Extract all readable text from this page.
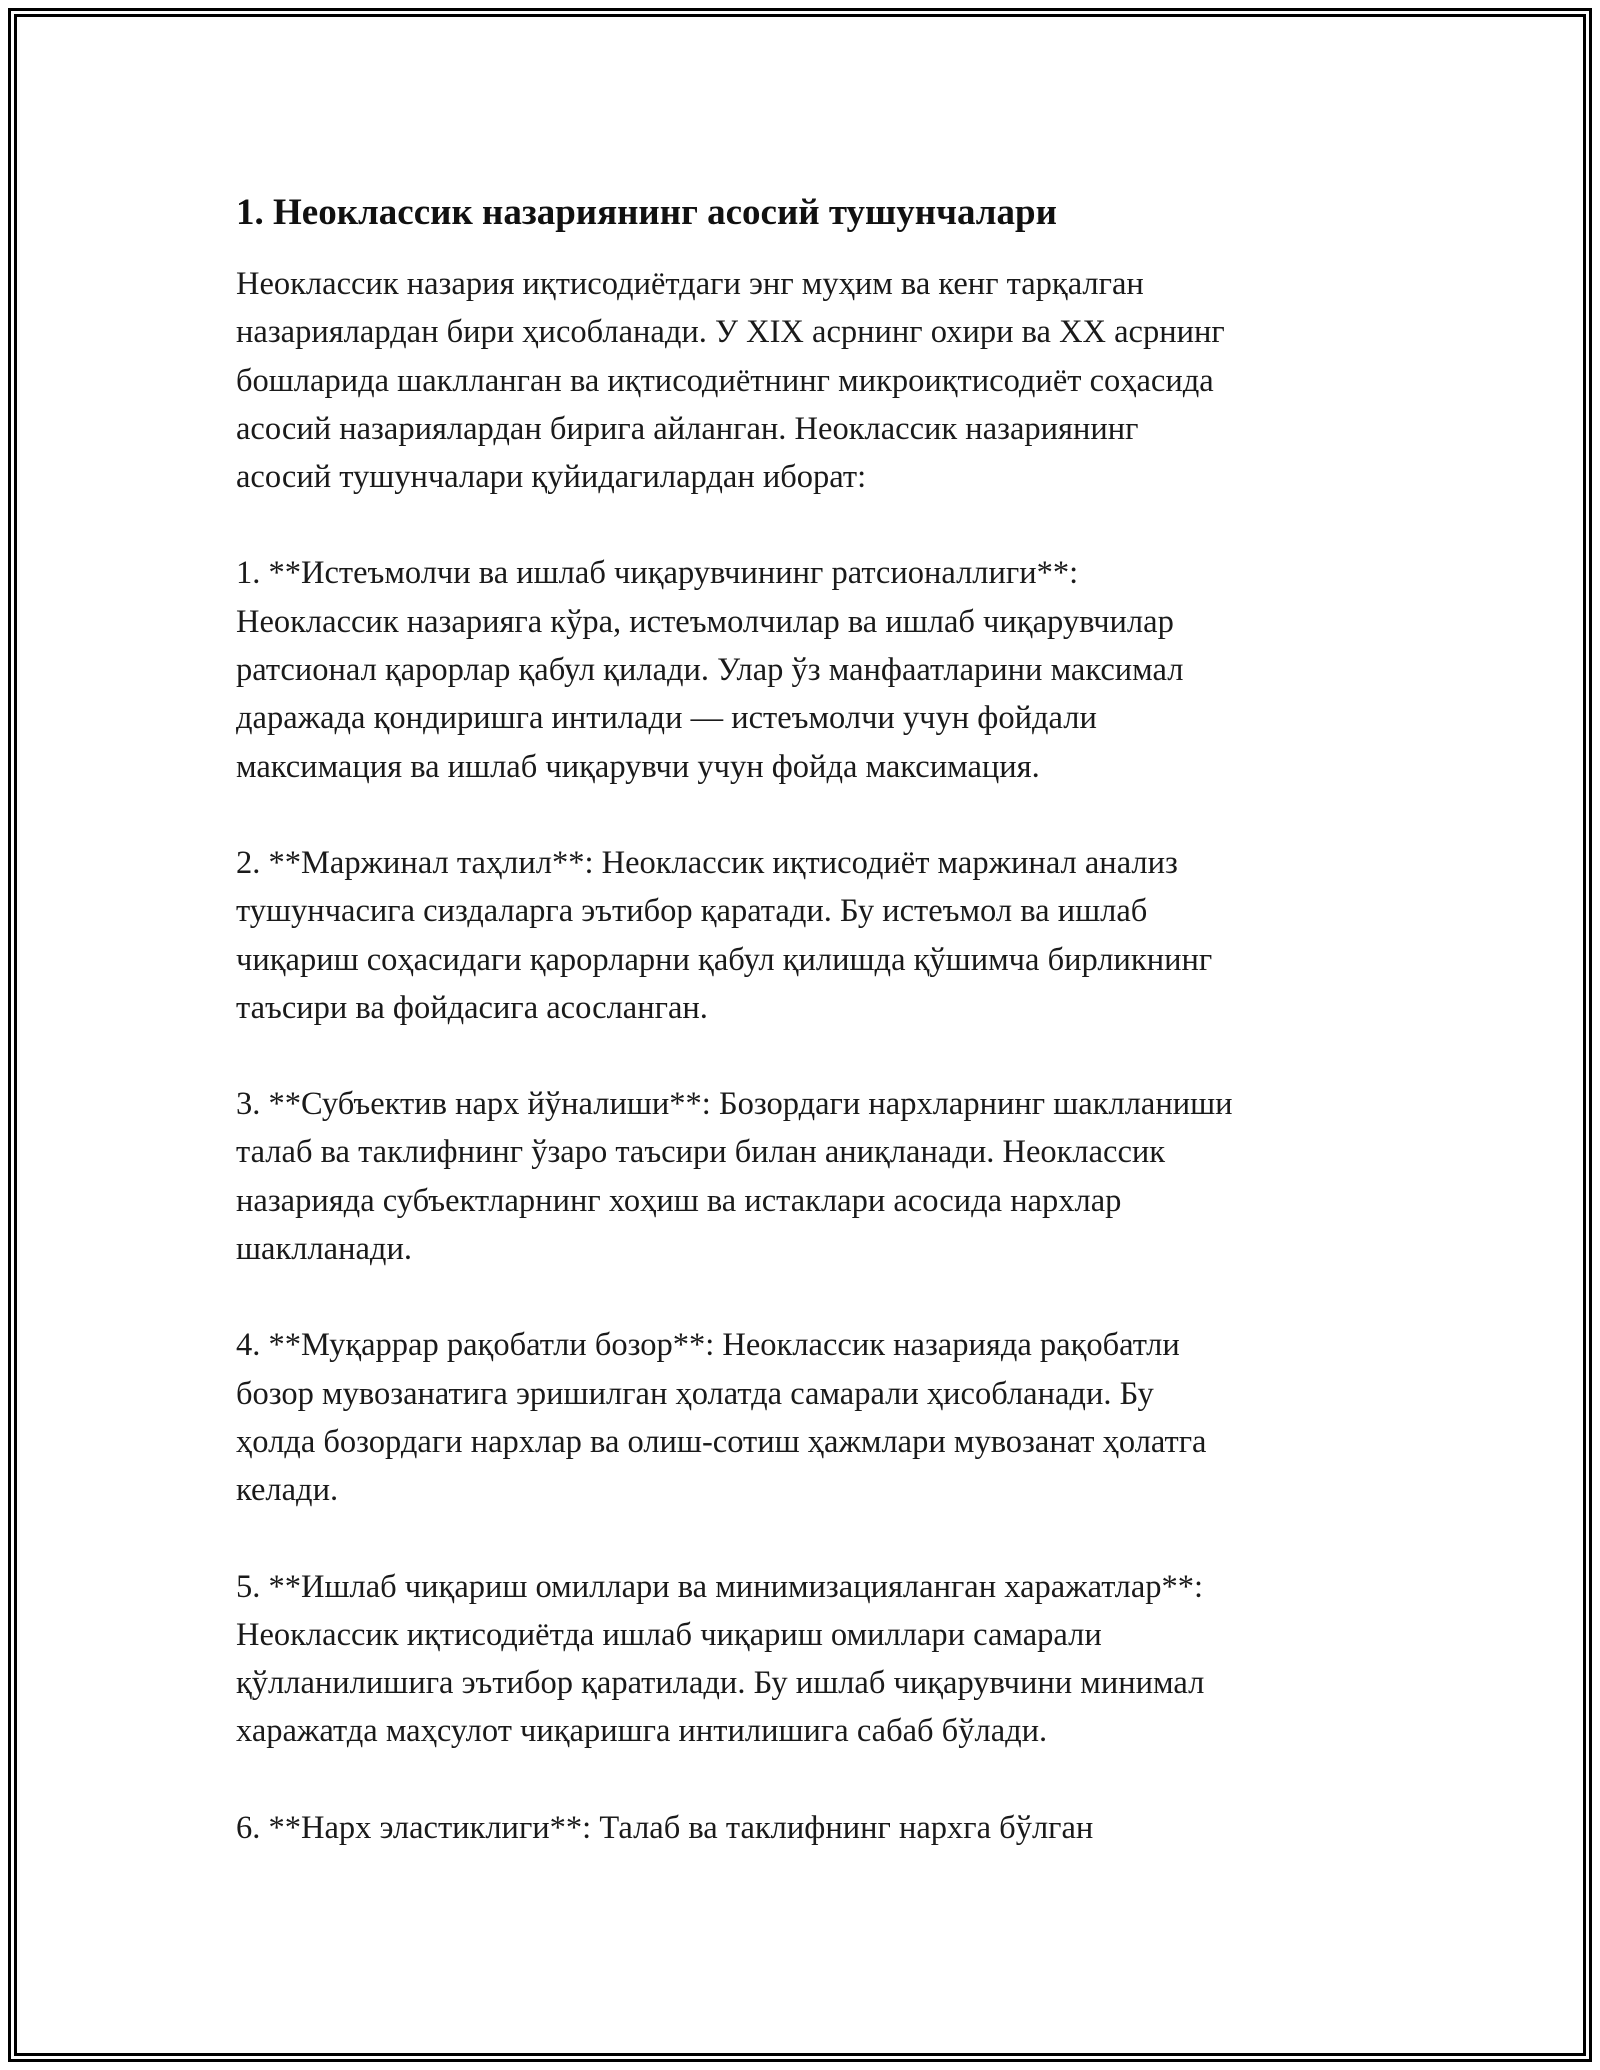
1. Неоклассик назариянинг асосий тушунчалари

Неоклассик назария иқтисодиётдаги энг муҳим ва кенг тарқалган
назариялардан бири ҳисобланади. У XIX асрнинг охири ва XX асрнинг
бошларида шаклланган ва иқтисодиётнинг микроиқтисодиёт соҳасида
асосий назариялардан бирига айланган. Неоклассик назариянинг
асосий тушунчалари қуйидагилардан иборат:

1. **Истеъмолчи ва ишлаб чиқарувчининг ратсионаллиги**:
Неоклассик назарияга кўра, истеъмолчилар ва ишлаб чиқарувчилар
ратсионал қарорлар қабул қилади. Улар ўз манфаатларини максимал
даражада қондиришга интилади — истеъмолчи учун фойдали
максимация ва ишлаб чиқарувчи учун фойда максимация.

2. **Маржинал таҳлил**: Неоклассик иқтисодиёт маржинал анализ
тушунчасига сиздаларга эътибор қаратади. Бу истеъмол ва ишлаб
чиқариш соҳасидаги қарорларни қабул қилишда қўшимча бирликнинг
таъсири ва фойдасига асосланган.

3. **Субъектив нарх йўналиши**: Бозордаги нархларнинг шаклланиши
талаб ва таклифнинг ўзаро таъсири билан аниқланади. Неоклассик
назарияда субъектларнинг хоҳиш ва истаклари асосида нархлар
шаклланади.

4. **Муқаррар рақобатли бозор**: Неоклассик назарияда рақобатли
бозор мувозанатига эришилган ҳолатда самарали ҳисобланади. Бу
ҳолда бозордаги нархлар ва олиш-сотиш ҳажмлари мувозанат ҳолатга
келади.

5. **Ишлаб чиқариш омиллари ва минимизацияланган харажатлар**:
Неоклассик иқтисодиётда ишлаб чиқариш омиллари самарали
қўлланилишига эътибор қаратилади. Бу ишлаб чиқарувчини минимал
харажатда маҳсулот чиқаришга интилишига сабаб бўлади.

6. **Нарх эластиклиги**: Талаб ва таклифнинг нархга бўлган
